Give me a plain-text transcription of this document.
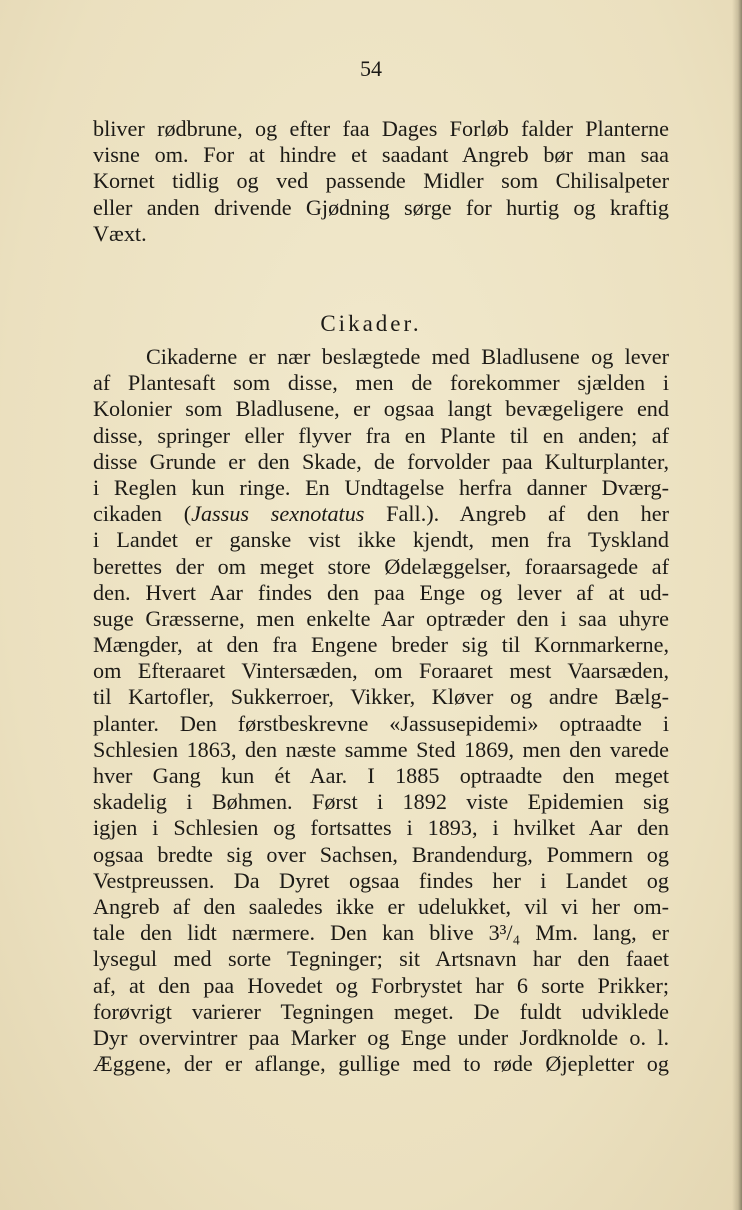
54
bliver rødbrune, og efter faa Dages Forløb falder Planterne
visne om. For at hindre et saadant Angreb bør man saa
Kornet tidlig og ved passende Midler som Chilisalpeter
eller anden drivende Gjødning sørge for hurtig og kraftig
Væxt.
Cikader.
Cikaderne er nær beslægtede med Bladlusene og lever
af Plantesaft som disse, men de forekommer sjælden i
Kolonier som Bladlusene, er ogsaa langt bevægeligere end
disse, springer eller flyver fra en Plante til en anden; af
disse Grunde er den Skade, de forvolder paa Kulturplanter,
i Reglen kun ringe. En Undtagelse herfra danner Dværg-
cikaden (Jassus sexnotatus Fall.). Angreb af den her
i Landet er ganske vist ikke kjendt, men fra Tyskland
berettes der om meget store Ødelæggelser, foraarsagede af
den. Hvert Aar findes den paa Enge og lever af at ud-
suge Græsserne, men enkelte Aar optræder den i saa uhyre
Mængder, at den fra Engene breder sig til Kornmarkerne,
om Efteraaret Vintersæden, om Foraaret mest Vaarsæden,
til Kartofler, Sukkerroer, Vikker, Kløver og andre Bælg-
planter. Den førstbeskrevne «Jassusepidemi» optraadte i
Schlesien 1863, den næste samme Sted 1869, men den varede
hver Gang kun ét Aar. I 1885 optraadte den meget
skadelig i Bøhmen. Først i 1892 viste Epidemien sig
igjen i Schlesien og fortsattes i 1893, i hvilket Aar den
ogsaa bredte sig over Sachsen, Brandendurg, Pommern og
Vestpreussen. Da Dyret ogsaa findes her i Landet og
Angreb af den saaledes ikke er udelukket, vil vi her om-
tale den lidt nærmere. Den kan blive 3³/₄ Mm. lang, er
lysegul med sorte Tegninger; sit Artsnavn har den faaet
af, at den paa Hovedet og Forbrystet har 6 sorte Prikker;
forøvrigt varierer Tegningen meget. De fuldt udviklede
Dyr overvintrer paa Marker og Enge under Jordknolde o. l.
Æggene, der er aflange, gullige med to røde Øjepletter og
